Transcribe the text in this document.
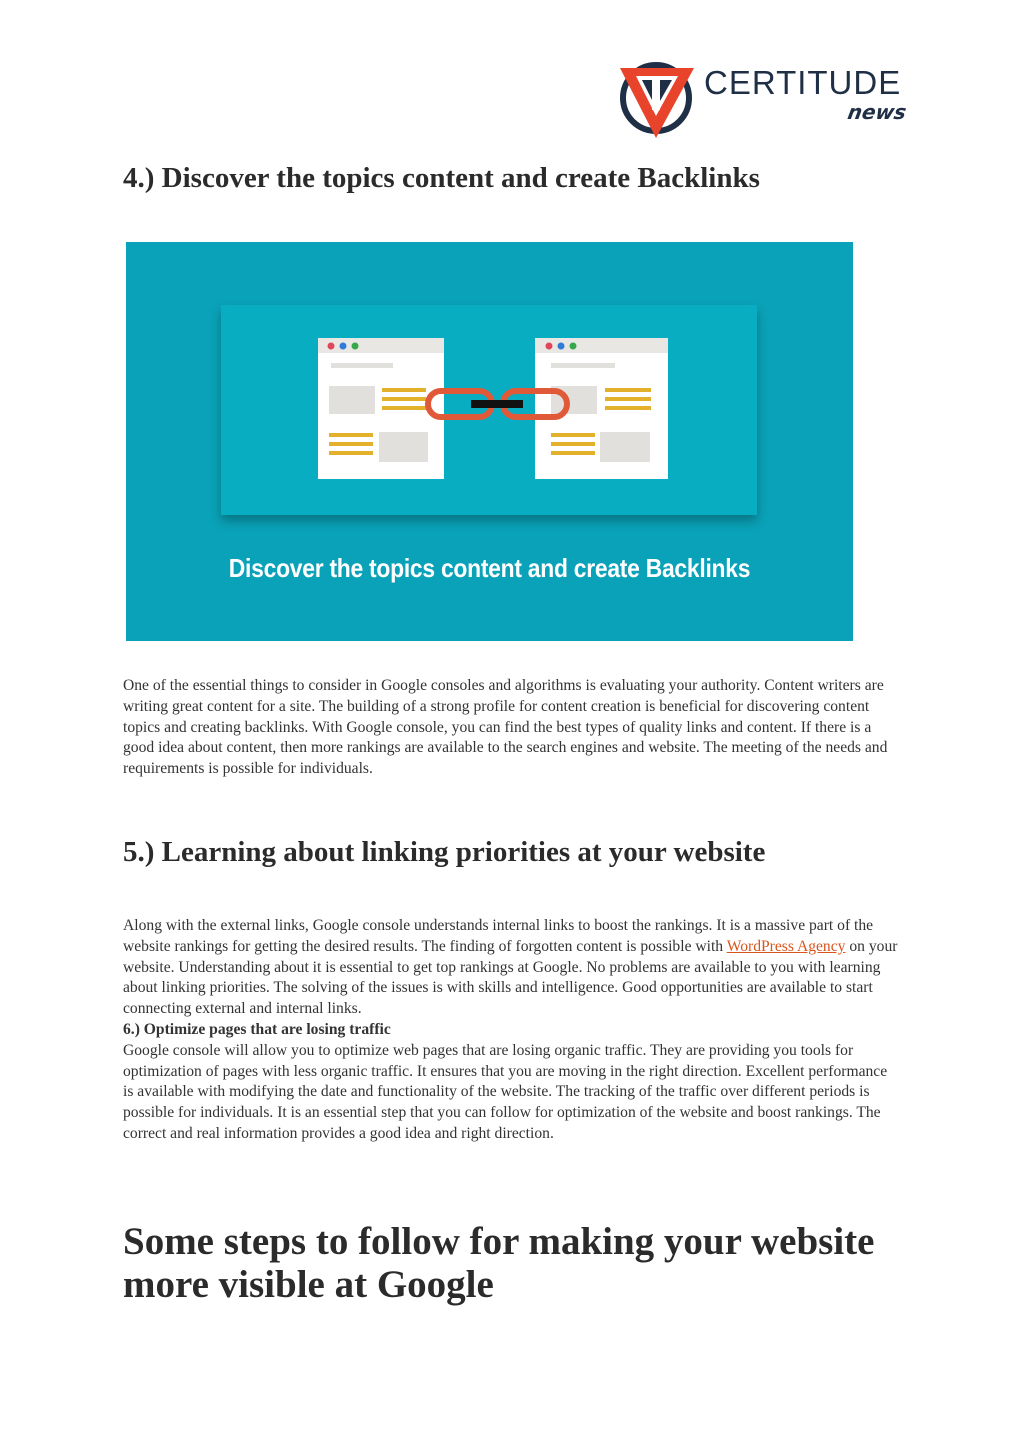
CERTITUDE
news
4.) Discover the topics content and create Backlinks
Discover the topics content and create Backlinks

One of the essential things to consider in Google consoles and algorithms is evaluating your authority. Content writers are writing great content for a site. The building of a strong profile for content creation is beneficial for discovering content topics and creating backlinks. With Google console, you can find the best types of quality links and content. If there is a good idea about content, then more rankings are available to the search engines and website. The meeting of the needs and requirements is possible for individuals.

5.) Learning about linking priorities at your website
Along with the external links, Google console understands internal links to boost the rankings. It is a massive part of the website rankings for getting the desired results. The finding of forgotten content is possible with WordPress Agency on your website. Understanding about it is essential to get top rankings at Google. No problems are available to you with learning about linking priorities. The solving of the issues is with skills and intelligence. Good opportunities are available to start connecting external and internal links.
6.) Optimize pages that are losing traffic
Google console will allow you to optimize web pages that are losing organic traffic. They are providing you tools for optimization of pages with less organic traffic. It ensures that you are moving in the right direction. Excellent performance is available with modifying the date and functionality of the website. The tracking of the traffic over different periods is possible for individuals. It is an essential step that you can follow for optimization of the website and boost rankings. The correct and real information provides a good idea and right direction.
Some steps to follow for making your website more visible at Google
